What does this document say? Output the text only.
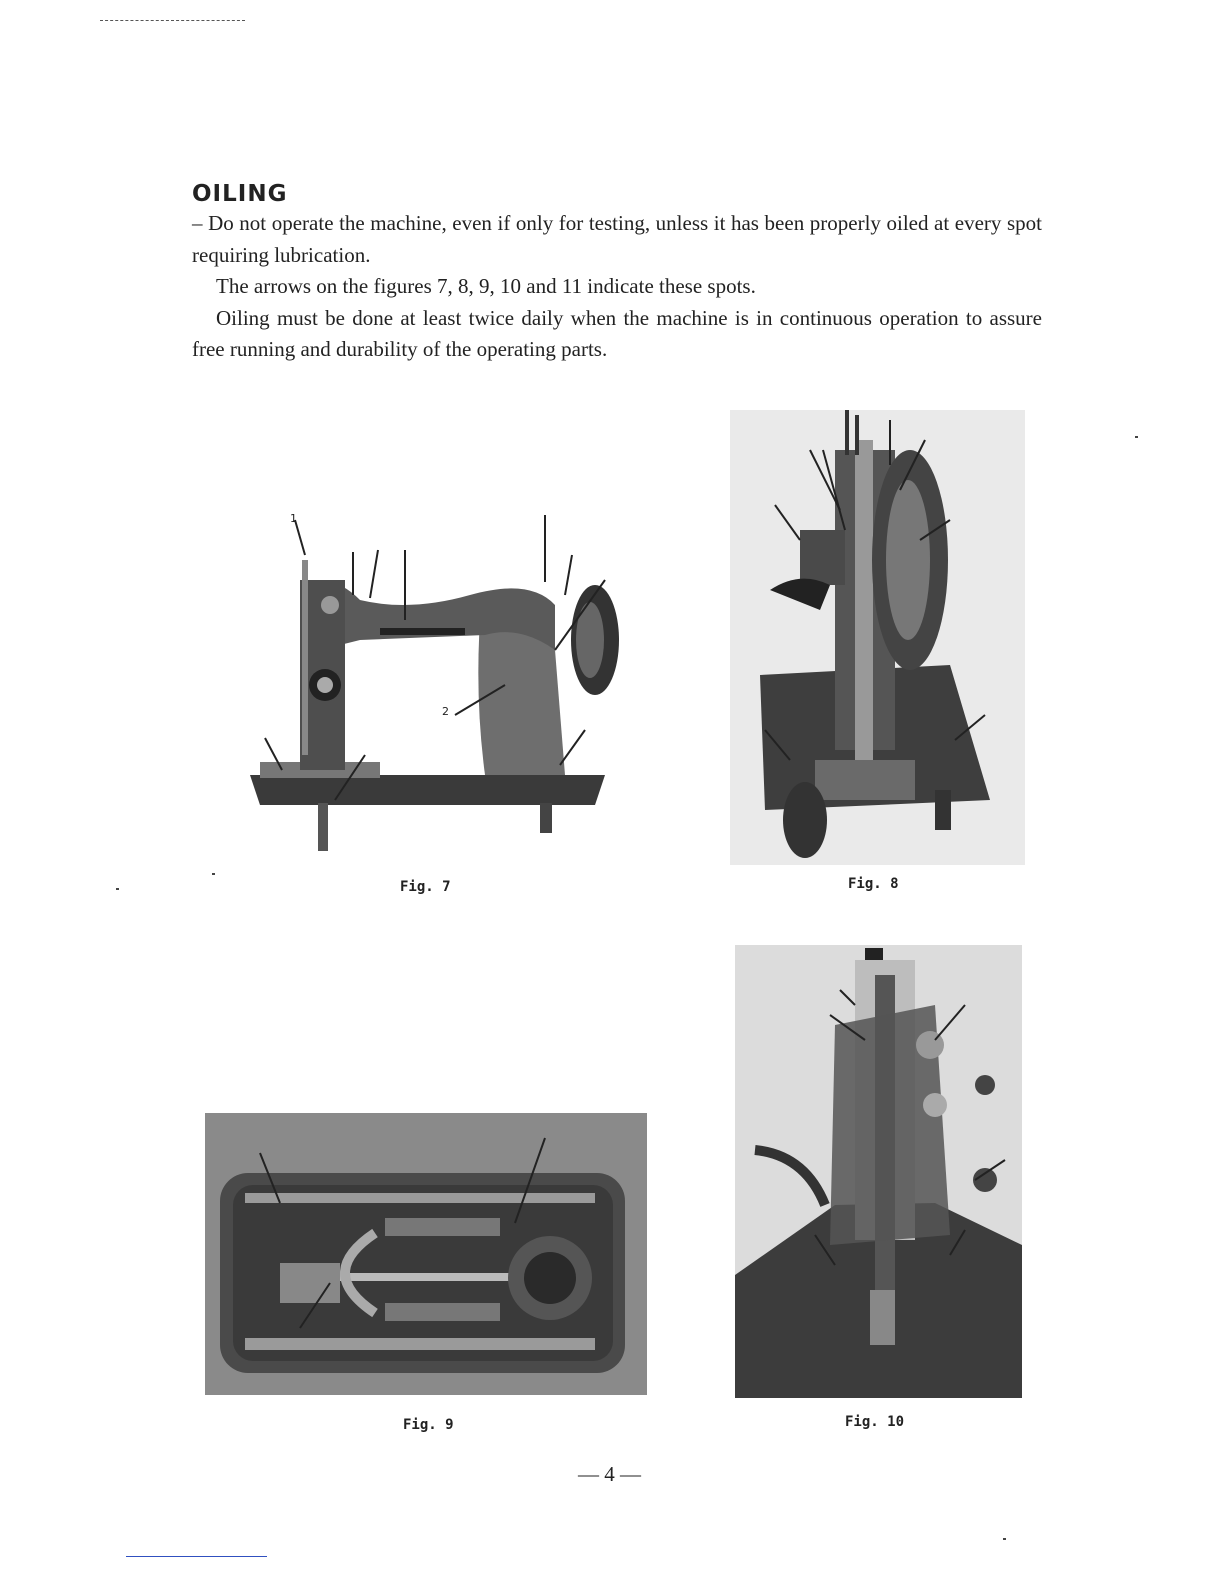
OILING

– Do not operate the machine, even if only for testing, unless it has been properly oiled at every spot requiring lubrication.

The arrows on the figures 7, 8, 9, 10 and 11 indicate these spots.

Oiling must be done at least twice daily when the machine is in continuous operation to assure free running and durability of the operating parts.

1
2
Fig. 7	Fig. 8
Fig. 9	Fig. 10
— 4 —
